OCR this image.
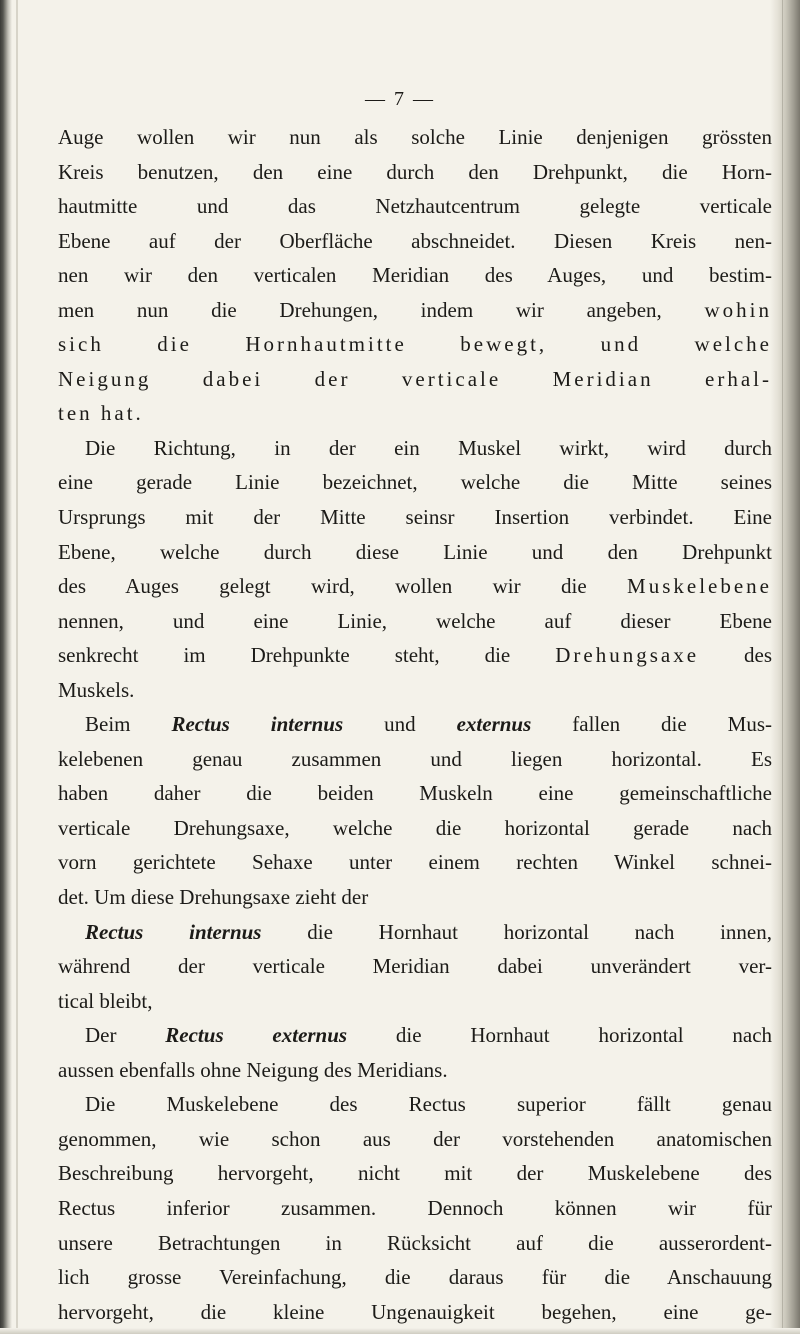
— 7 —
Auge wollen wir nun als solche Linie denjenigen grössten
Kreis benutzen, den eine durch den Drehpunkt, die Horn-
hautmitte und das Netzhautcentrum gelegte verticale
Ebene auf der Oberfläche abschneidet. Diesen Kreis nen-
nen wir den verticalen Meridian des Auges, und bestim-
men nun die Drehungen, indem wir angeben, wohin
sich die Hornhautmitte bewegt, und welche
Neigung dabei der verticale Meridian erhal-
ten hat.
Die Richtung, in der ein Muskel wirkt, wird durch
eine gerade Linie bezeichnet, welche die Mitte seines
Ursprungs mit der Mitte seinsr Insertion verbindet. Eine
Ebene, welche durch diese Linie und den Drehpunkt
des Auges gelegt wird, wollen wir die Muskelebene
nennen, und eine Linie, welche auf dieser Ebene
senkrecht im Drehpunkte steht, die Drehungsaxe des
Muskels.
Beim Rectus internus und externus fallen die Mus-
kelebenen genau zusammen und liegen horizontal. Es
haben daher die beiden Muskeln eine gemeinschaftliche
verticale Drehungsaxe, welche die horizontal gerade nach
vorn gerichtete Sehaxe unter einem rechten Winkel schnei-
det. Um diese Drehungsaxe zieht der
Rectus internus die Hornhaut horizontal nach innen,
während der verticale Meridian dabei unverändert ver-
tical bleibt,
Der Rectus externus die Hornhaut horizontal nach
aussen ebenfalls ohne Neigung des Meridians.
Die Muskelebene des Rectus superior fällt genau
genommen, wie schon aus der vorstehenden anatomischen
Beschreibung hervorgeht, nicht mit der Muskelebene des
Rectus inferior zusammen. Dennoch können wir für
unsere Betrachtungen in Rücksicht auf die ausserordent-
lich grosse Vereinfachung, die daraus für die Anschauung
hervorgeht, die kleine Ungenauigkeit begehen, eine ge-
